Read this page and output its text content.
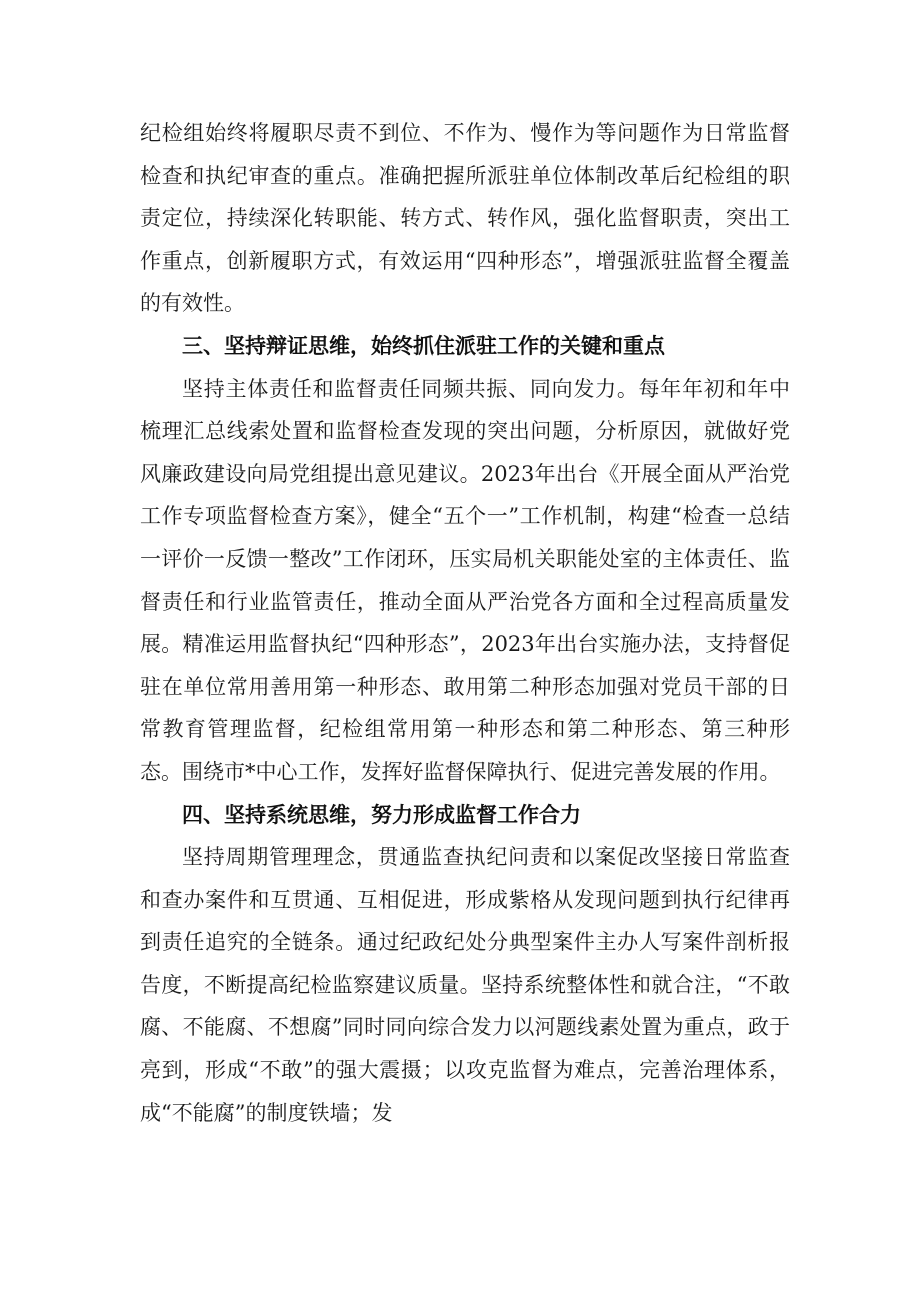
纪检组始终将履职尽责不到位、不作为、慢作为等问题作为日常监督检查和执纪审查的重点。准确把握所派驻单位体制改革后纪检组的职责定位，持续深化转职能、转方式、转作风，强化监督职责，突出工作重点，创新履职方式，有效运用“四种形态”，增强派驻监督全覆盖的有效性。

三、坚持辩证思维，始终抓住派驻工作的关键和重点

坚持主体责任和监督责任同频共振、同向发力。每年年初和年中梳理汇总线索处置和监督检查发现的突出问题，分析原因，就做好党风廉政建设向局党组提出意见建议。2023年出台《开展全面从严治党工作专项监督检查方案》，健全“五个一”工作机制，构建“检查一总结一评价一反馈一整改”工作闭环，压实局机关职能处室的主体责任、监督责任和行业监管责任，推动全面从严治党各方面和全过程高质量发展。精准运用监督执纪“四种形态”，2023年出台实施办法，支持督促驻在单位常用善用第一种形态、敢用第二种形态加强对党员干部的日常教育管理监督，纪检组常用第一种形态和第二种形态、第三种形态。围绕市*中心工作，发挥好监督保障执行、促进完善发展的作用。

四、坚持系统思维，努力形成监督工作合力

坚持周期管理理念，贯通监查执纪问责和以案促改坚接日常监查和查办案件和互贯通、互相促进，形成紫格从发现问题到执行纪律再到责任追究的全链条。通过纪政纪处分典型案件主办人写案件剖析报告度，不断提高纪检监察建议质量。坚持系统整体性和就合注，“不敢腐、不能腐、不想腐”同时同向综合发力以河题线素处置为重点，政于亮到，形成“不敢”的强大震摄；以攻克监督为难点，完善治理体系，成“不能腐”的制度铁墙；发
